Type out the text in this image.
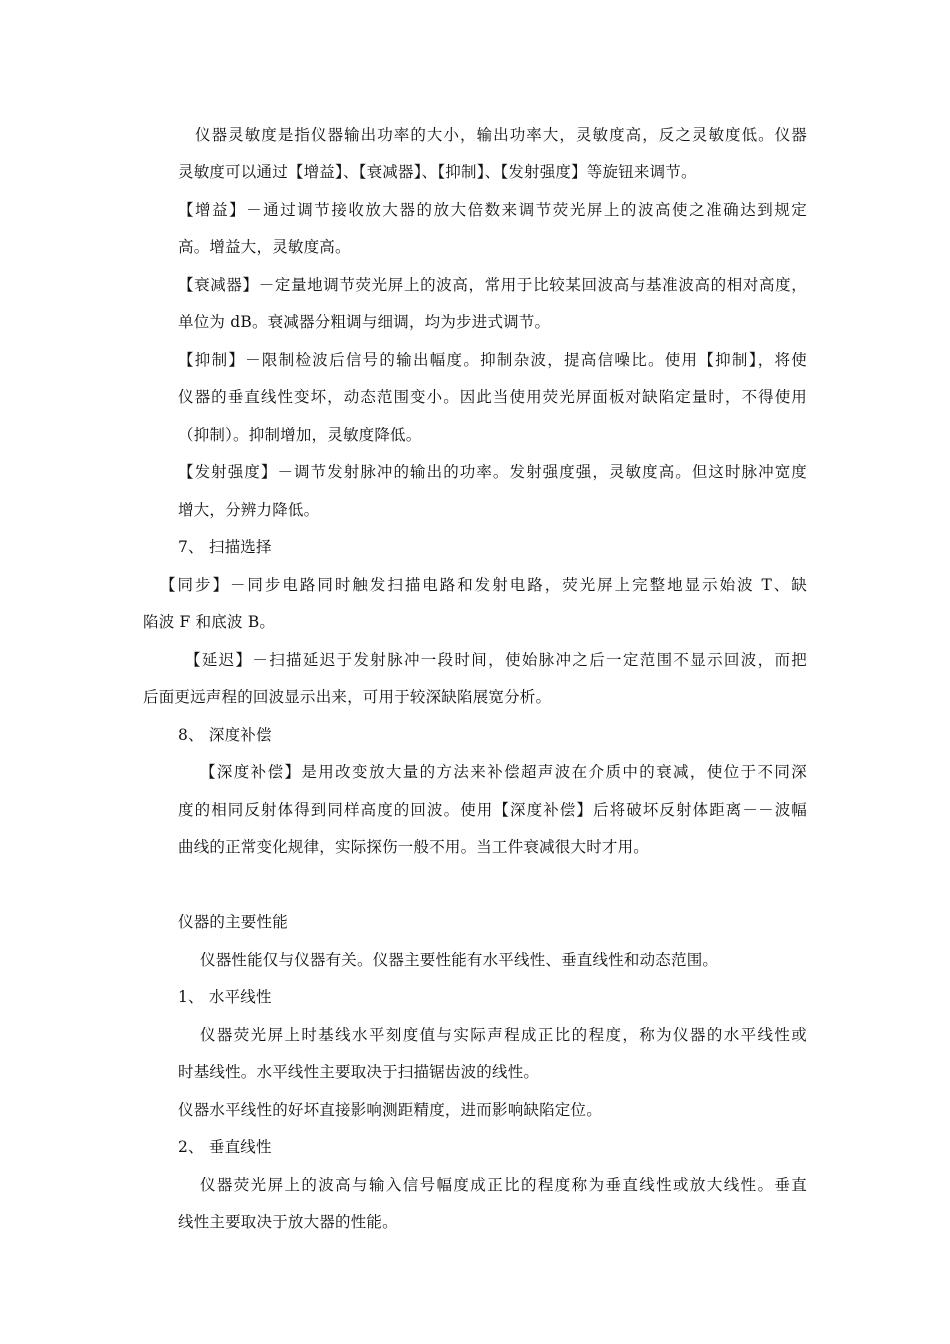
仪器灵敏度是指仪器输出功率的大小，输出功率大，灵敏度高，反之灵敏度低。仪器
灵敏度可以通过【增益】、【衰减器】、【抑制】、【发射强度】等旋钮来调节。
【增益】－通过调节接收放大器的放大倍数来调节荧光屏上的波高使之准确达到规定
高。增益大，灵敏度高。
【衰减器】－定量地调节荧光屏上的波高，常用于比较某回波高与基准波高的相对高度，
单位为 dB。衰减器分粗调与细调，均为步进式调节。
【抑制】－限制检波后信号的输出幅度。抑制杂波，提高信噪比。使用【抑制】，将使
仪器的垂直线性变坏，动态范围变小。因此当使用荧光屏面板对缺陷定量时，不得使用
（抑制）。抑制增加，灵敏度降低。
【发射强度】－调节发射脉冲的输出的功率。发射强度强，灵敏度高。但这时脉冲宽度
增大，分辨力降低。
7、 扫描选择
【同步】－同步电路同时触发扫描电路和发射电路，荧光屏上完整地显示始波 T、缺
陷波 F 和底波 B。
【延迟】－扫描延迟于发射脉冲一段时间，使始脉冲之后一定范围不显示回波，而把
后面更远声程的回波显示出来，可用于较深缺陷展宽分析。
8、 深度补偿
【深度补偿】是用改变放大量的方法来补偿超声波在介质中的衰减，使位于不同深
度的相同反射体得到同样高度的回波。使用【深度补偿】后将破坏反射体距离－－波幅
曲线的正常变化规律，实际探伤一般不用。当工件衰减很大时才用。
仪器的主要性能
仪器性能仅与仪器有关。仪器主要性能有水平线性、垂直线性和动态范围。
1、 水平线性
仪器荧光屏上时基线水平刻度值与实际声程成正比的程度，称为仪器的水平线性或
时基线性。水平线性主要取决于扫描锯齿波的线性。
仪器水平线性的好坏直接影响测距精度，进而影响缺陷定位。
2、 垂直线性
仪器荧光屏上的波高与输入信号幅度成正比的程度称为垂直线性或放大线性。垂直
线性主要取决于放大器的性能。
